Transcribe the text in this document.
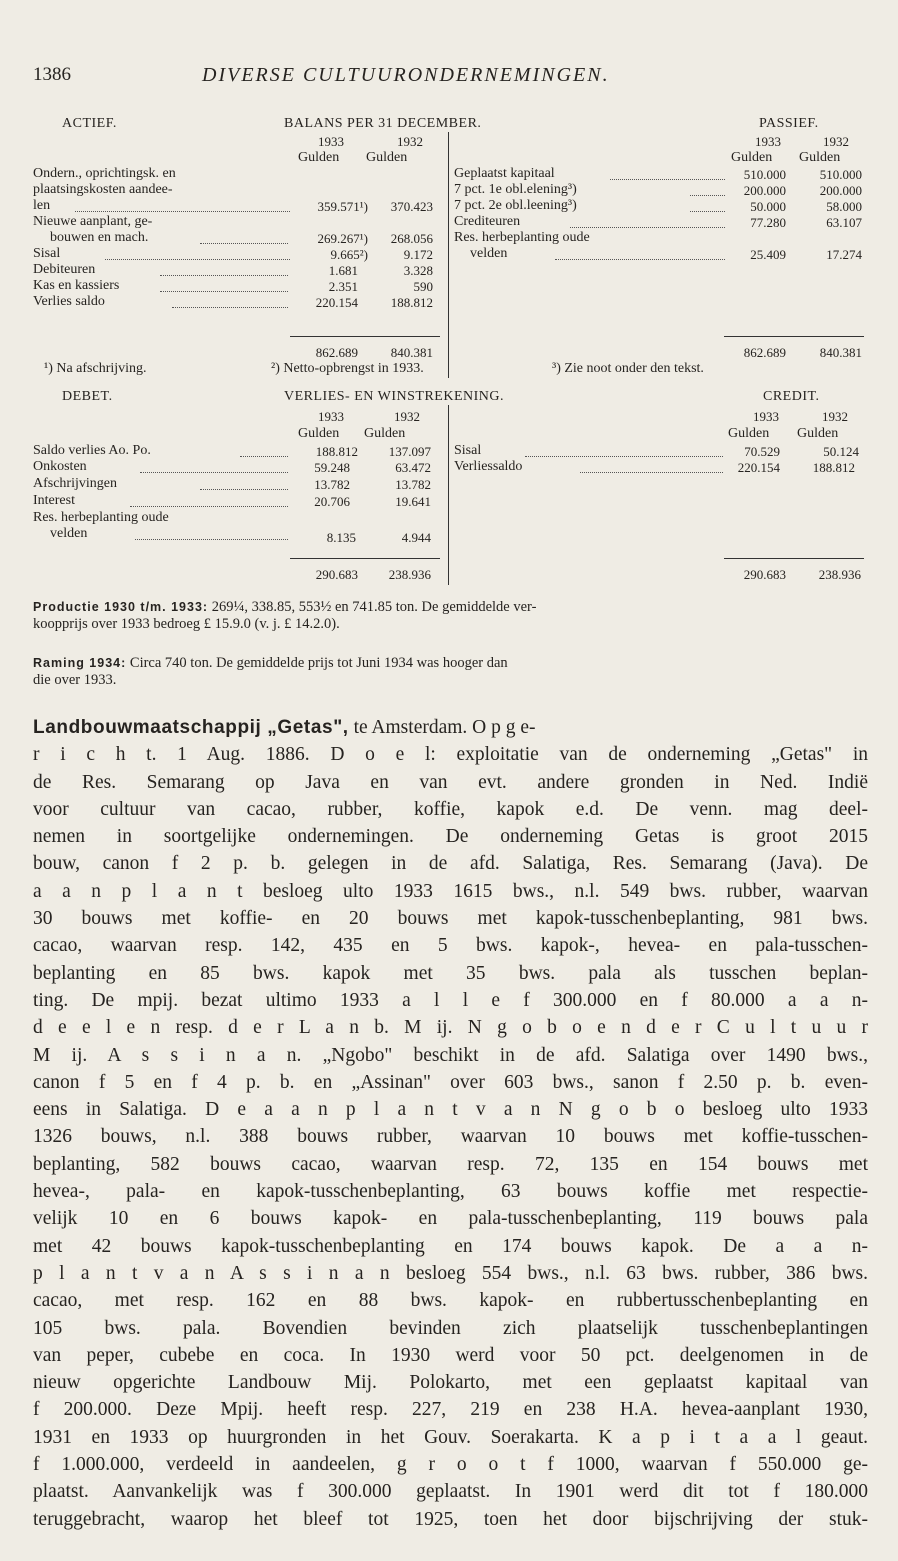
1386	DIVERSE CULTUURONDERNEMINGEN.
ACTIEF.	BALANS PER 31 DECEMBER.	PASSIEF.
1933	1932
Gulden Gulden
1933	1932
Gulden Gulden
Ondern., oprichtingsk. en
plaatsingskosten aandee-
len	359.571¹)	370.423
Nieuwe aanplant, ge-
bouwen en mach.	269.267¹)	268.056
Sisal	9.665²)	9.172
Debiteuren	1.681	3.328
Kas en kassiers	2.351	590
Verlies saldo	220.154	188.812
Geplaatst kapitaal	510.000	510.000
7 pct. 1e obl.elening³)	200.000	200.000
7 pct. 2e obl.leening³)	50.000	58.000
Crediteuren	77.280	63.107
Res. herbeplanting oude
velden	25.409	17.274
862.689	840.381	862.689	840.381
¹) Na afschrijving.	²) Netto-opbrengst in 1933.	³) Zie noot onder den tekst.
DEBET.	VERLIES- EN WINSTREKENING.	CREDIT.
1933	1932
Gulden Gulden
1933	1932
Gulden Gulden
Saldo verlies Ao. Po.	188.812	137.097
Onkosten	59.248	63.472
Afschrijvingen	13.782	13.782
Interest	20.706	19.641
Res. herbeplanting oude
velden	8.135	4.944
Sisal	70.529	50.124
Verliessaldo	220.154	188.812
290.683	238.936	290.683	238.936
Productie 1930 t/m. 1933: 269¼, 338.85, 553½ en 741.85 ton. De gemiddelde ver-
koopprijs over 1933 bedroeg £ 15.9.0 (v. j. £ 14.2.0).
Raming 1934: Circa 740 ton. De gemiddelde prijs tot Juni 1934 was hooger dan
die over 1933.
Landbouwmaatschappij „Getas", te Amsterdam. O p g e-
r i c h t. 1 Aug. 1886. D o e l: exploitatie van de onderneming „Getas" in
de Res. Semarang op Java en van evt. andere gronden in Ned. Indië
voor cultuur van cacao, rubber, koffie, kapok e.d. De venn. mag deel-
nemen in soortgelijke ondernemingen. De onderneming Getas is groot 2015
bouw, canon f 2 p. b. gelegen in de afd. Salatiga, Res. Semarang (Java). De
a a n p l a n t besloeg ulto 1933 1615 bws., n.l. 549 bws. rubber, waarvan
30 bouws met koffie- en 20 bouws met kapok-tusschenbeplanting, 981 bws.
cacao, waarvan resp. 142, 435 en 5 bws. kapok-, hevea- en pala-tusschen-
beplanting en 85 bws. kapok met 35 bws. pala als tusschen beplan-
ting. De mpij. bezat ultimo 1933 a l l e f 300.000 en f 80.000 a a n-
d e e l e n resp. d e r L a n b. M ij. N g o b o e n d e r C u l t u u r
M ij. A s s i n a n. „Ngobo" beschikt in de afd. Salatiga over 1490 bws.,
canon f 5 en f 4 p. b. en „Assinan" over 603 bws., sanon f 2.50 p. b. even-
eens in Salatiga. D e a a n p l a n t v a n N g o b o besloeg ulto 1933
1326 bouws, n.l. 388 bouws rubber, waarvan 10 bouws met koffie-tusschen-
beplanting, 582 bouws cacao, waarvan resp. 72, 135 en 154 bouws met
hevea-, pala- en kapok-tusschenbeplanting, 63 bouws koffie met respectie-
velijk 10 en 6 bouws kapok- en pala-tusschenbeplanting, 119 bouws pala
met 42 bouws kapok-tusschenbeplanting en 174 bouws kapok. De a a n-
p l a n t v a n A s s i n a n besloeg 554 bws., n.l. 63 bws. rubber, 386 bws.
cacao, met resp. 162 en 88 bws. kapok- en rubbertusschenbeplanting en
105 bws. pala. Bovendien bevinden zich plaatselijk tusschenbeplantingen
van peper, cubebe en coca. In 1930 werd voor 50 pct. deelgenomen in de
nieuw opgerichte Landbouw Mij. Polokarto, met een geplaatst kapitaal van
f 200.000. Deze Mpij. heeft resp. 227, 219 en 238 H.A. hevea-aanplant 1930,
1931 en 1933 op huurgronden in het Gouv. Soerakarta. K a p i t a a l geaut.
f 1.000.000, verdeeld in aandeelen, g r o o t f 1000, waarvan f 550.000 ge-
plaatst. Aanvankelijk was f 300.000 geplaatst. In 1901 werd dit tot f 180.000
teruggebracht, waarop het bleef tot 1925, toen het door bijschrijving der stuk-
